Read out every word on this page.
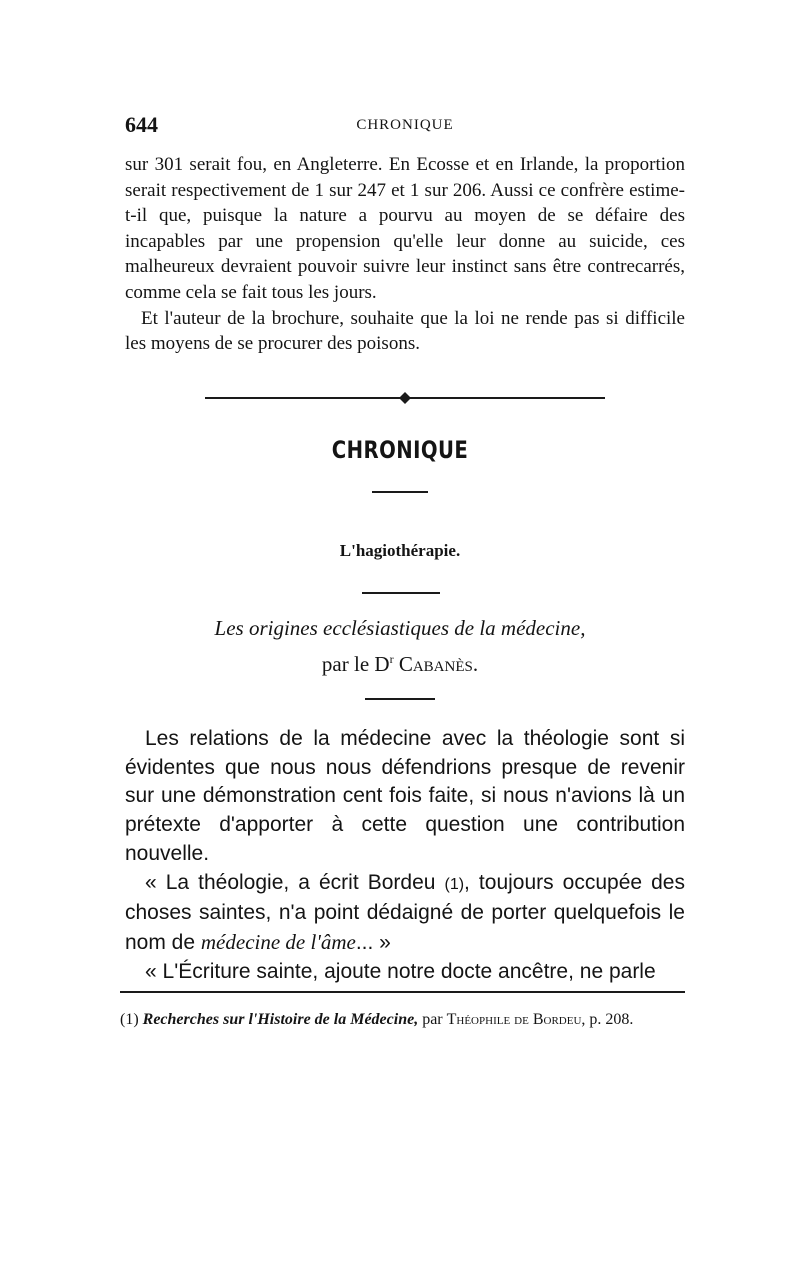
644	CHRONIQUE

sur 301 serait fou, en Angleterre. En Ecosse et en Irlande, la proportion serait respectivement de 1 sur 247 et 1 sur 206. Aussi ce confrère estime-t-il que, puisque la nature a pourvu au moyen de se défaire des incapables par une propension qu'elle leur donne au suicide, ces malheureux devraient pouvoir suivre leur instinct sans être contrecarrés, comme cela se fait tous les jours.

Et l'auteur de la brochure, souhaite que la loi ne rende pas si difficile les moyens de se procurer des poisons.

CHRONIQUE
L'hagiothérapie.
Les origines ecclésiastiques de la médecine,
par le $D^r$ Cabanès.

Les relations de la médecine avec la théologie sont si évidentes que nous nous défendrions presque de revenir sur une démonstration cent fois faite, si nous n'avions là un prétexte d'apporter à cette question une contribution nouvelle.

« La théologie, a écrit Bordeu (1), toujours occupée des choses saintes, n'a point dédaigné de porter quelquefois le nom de médecine de l'âme... »

« L'Écriture sainte, ajoute notre docte ancêtre, ne parle

(1) Recherches sur l'Histoire de la Médecine, par Théophile de Bordeu, p. 208.
